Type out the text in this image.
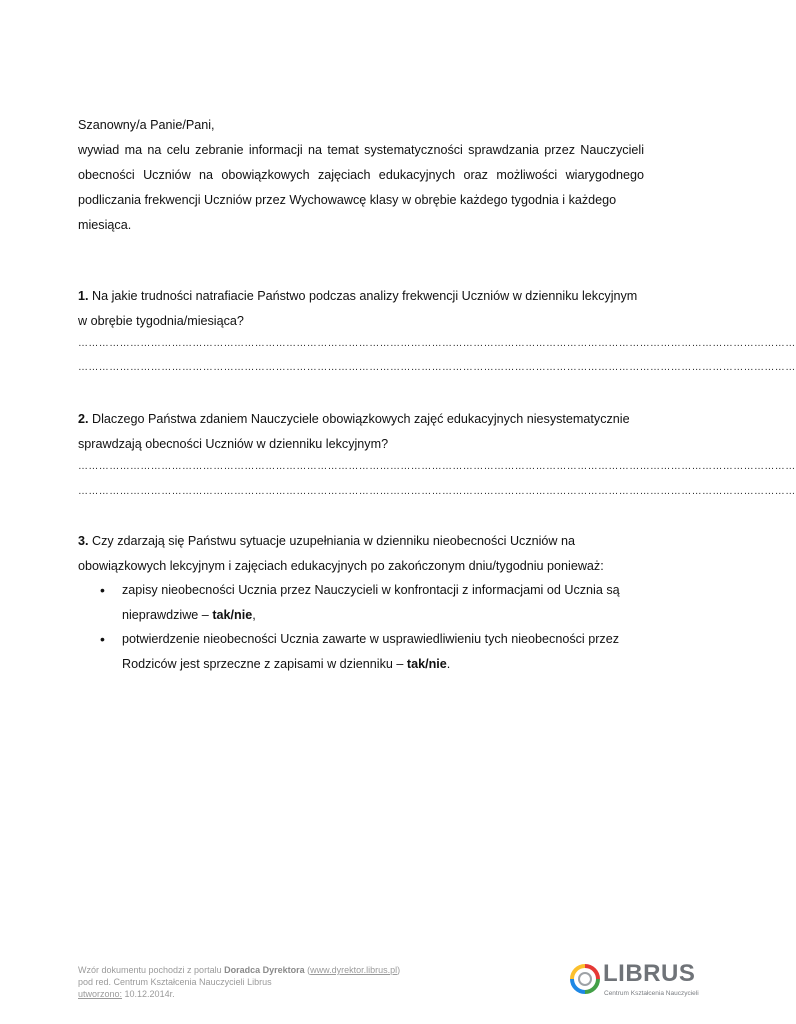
Szanowny/a Panie/Pani,
wywiad ma na celu zebranie informacji na temat systematyczności sprawdzania przez Nauczycieli obecności Uczniów na obowiązkowych zajęciach edukacyjnych oraz możliwości wiarygodnego podliczania frekwencji Uczniów przez Wychowawcę klasy w obrębie każdego tygodnia i każdego
miesiąca.
1. Na jakie trudności natrafiacie Państwo podczas analizy frekwencji Uczniów w dzienniku lekcyjnym w obrębie tygodnia/miesiąca?
………………………………………………………………………………………………………………………………………………………………………………………
………………………………………………………………………………………………………………………………………………………………………………………
2. Dlaczego Państwa zdaniem Nauczyciele obowiązkowych zajęć edukacyjnych niesystematycznie sprawdzają obecności Uczniów w dzienniku lekcyjnym?
………………………………………………………………………………………………………………………………………………………………………………………
………………………………………………………………………………………………………………………………………………………………………………………
3. Czy zdarzają się Państwu sytuacje uzupełniania w dzienniku nieobecności Uczniów na obowiązkowych lekcyjnym i zajęciach edukacyjnych po zakończonym dniu/tygodniu ponieważ:
• zapisy nieobecności Ucznia przez Nauczycieli w konfrontacji z informacjami od Ucznia są nieprawdziwe – tak/nie,
• potwierdzenie nieobecności Ucznia zawarte w usprawiedliwieniu tych nieobecności przez Rodziców jest sprzeczne z zapisami w dzienniku – tak/nie.
Wzór dokumentu pochodzi z portalu Doradca Dyrektora (www.dyrektor.librus.pl)
pod red. Centrum Kształcenia Nauczycieli Librus
utworzono: 10.12.2014r.
LIBRUS
Centrum Kształcenia Nauczycieli
